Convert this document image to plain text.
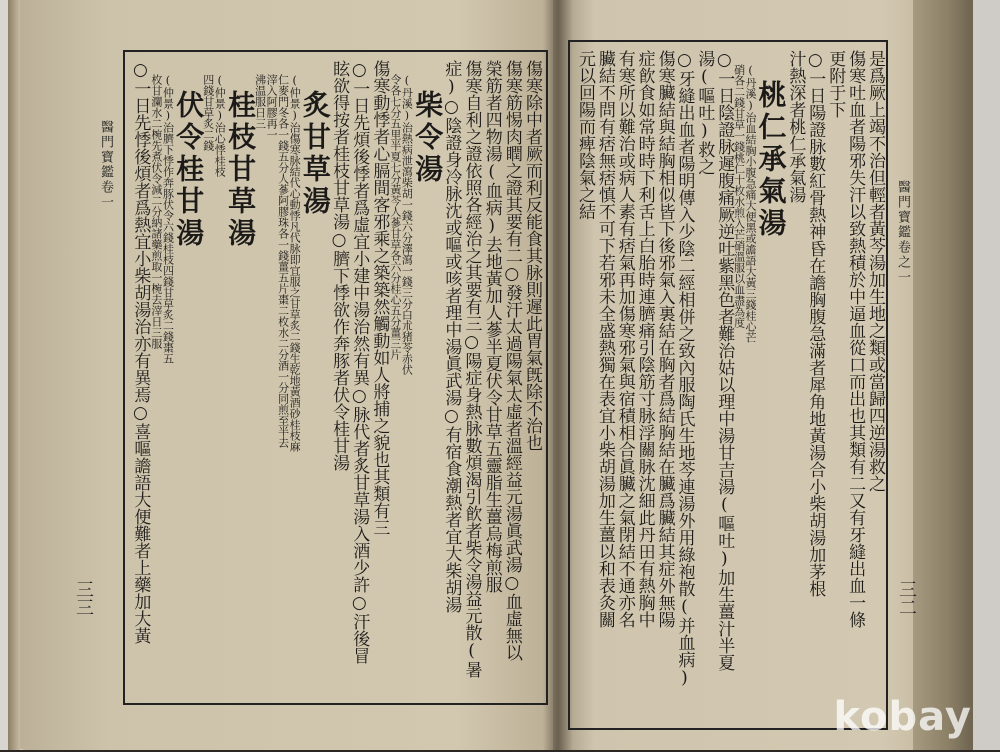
醫門寶鑑卷一
三三
傷寒除中者厥而利反能食其脉則遲此胃氣旣除不治也
傷寒筋惕肉瞤之證其要有二○發汗太過陽氣太虛者溫經益元湯眞武湯○血虛無以
榮筋者四物湯(血病)去地黃加人蔘半夏伏令甘草五靈脂生薑烏梅煎服
傷寒自利之證依照各經治之其要有三○陽症身熱脉數煩渴引飮者柴令湯益元散(暑
症)○陰證身冷脉沈或嘔或咳者理中湯眞武湯○有宿食潮熱者宜大柴胡湯
柴令湯
(丹溪)治熱病泄瀉柴胡一錢六分澤瀉一錢三分白朮猪苓赤伏
令各七分五里半夏七分黃芩人蔘甘草各六分桂心五分薑三片
傷寒動悸者心膈間客邪乘之築築然觸動如人將捕之貌也其類有三
○一日先煩後悸者爲虛宜小建中湯治然有異○脉代者炙甘草湯入酒少許○汗後冒
眩欲得按者桂枝甘草湯○臍下悸欲作奔豚者伏令桂甘湯
炙甘草湯
(仲景)治傷寒脉結代心動悸凡代脉即宜服之甘草炙二錢生乾地黃酒砂桂枝麻
仁麥門冬各一錢五分人蔘阿膠珠各一錢薑五片棗二枚水二分酒一分同煎至半去
滓入阿膠再一
沸温服日三
桂枝甘草湯
(仲景)治心悸桂枝
四錢甘草炙二錢
伏令桂甘湯
(仲景)治臍下悸作奔豚伏令六錢桂枝四錢甘草炙二錢棗五
枚甘瀾水二椀先煮伏令減二分納諸藥煎取一椀去滓日三服
○一日先悸後煩者爲熱宜小柴胡湯治亦有異焉○喜嘔譫語大便難者上藥加大黃	醫門寶鑑卷之一
三二
是爲厥上竭不治但輕者黃芩湯加生地之類或當歸四逆湯救之
傷寒吐血者陽邪失汗以致熱積於中逼血從口而出也其類有二又有牙縫出血一條
更附于下
○一日陽證脉數紅骨熱神昏在譫胸腹急滿者犀角地黃湯合小柴胡湯加茅根
汁熱深者桃仁承氣湯
桃仁承氣湯
(丹溪)治血結胸小腹急痛大便黑或譫語大黃三錢桂心芒
硝各二錢甘草一錢桃仁十枚水煎入芒硝溫服以血盡為度
○一日陰證脉遲腹痛厥逆吐紫黑色者難治姑以理中湯甘吉湯(嘔吐)加生薑汁半夏
湯(嘔吐)救之
○牙縫出血者陽明傳入少陰二經相併之致內服陶氏生地芩連湯外用綠袍散(并血病)
傷寒臟結與結胸相似皆下後邪氣入裏結在胸者爲結胸結在臟爲臟結其症外無陽
症飮食如常時時下利舌上白胎時連臍痛引陰筋寸脉浮關脉沈細此丹田有熱胸中
有寒所以難治或病人素有痞氣再加傷寒邪氣與宿積相合眞臟之氣閉結不通亦名
臟結不問有痞無痞慎不可下若邪未全盛熱獨在表宜小柴胡湯加生薑以和表灸關
元以回陽而痺陰氣之結
kobay
